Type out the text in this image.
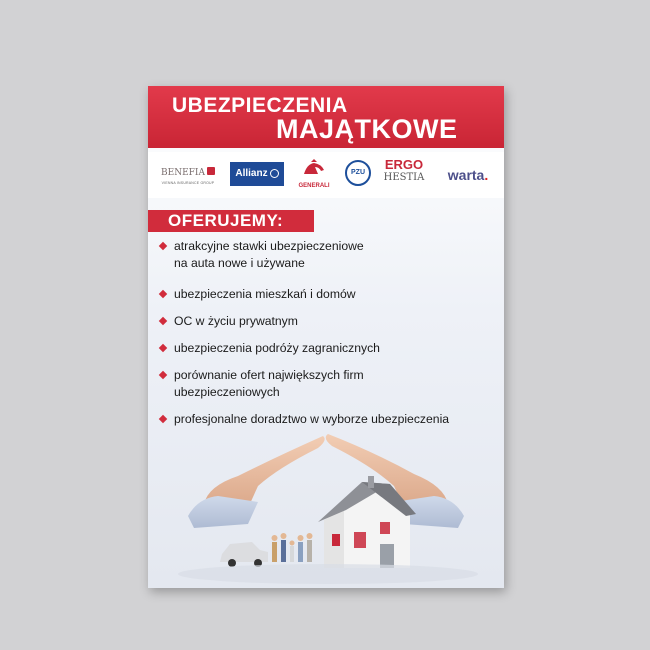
UBEZPIECZENIA
MAJĄTKOWE
BENEFIA
VIENNA INSURANCE GROUP
Allianz
GENERALI
PZU
ERGO
HESTIA	warta.
OFERUJEMY:
atrakcyjne stawki ubezpieczeniowe
na auta nowe i używane
ubezpieczenia mieszkań i domów
OC w życiu prywatnym
ubezpieczenia podróży zagranicznych
porównanie ofert największych firm
ubezpieczeniowych
profesjonalne doradztwo w wyborze ubezpieczenia
